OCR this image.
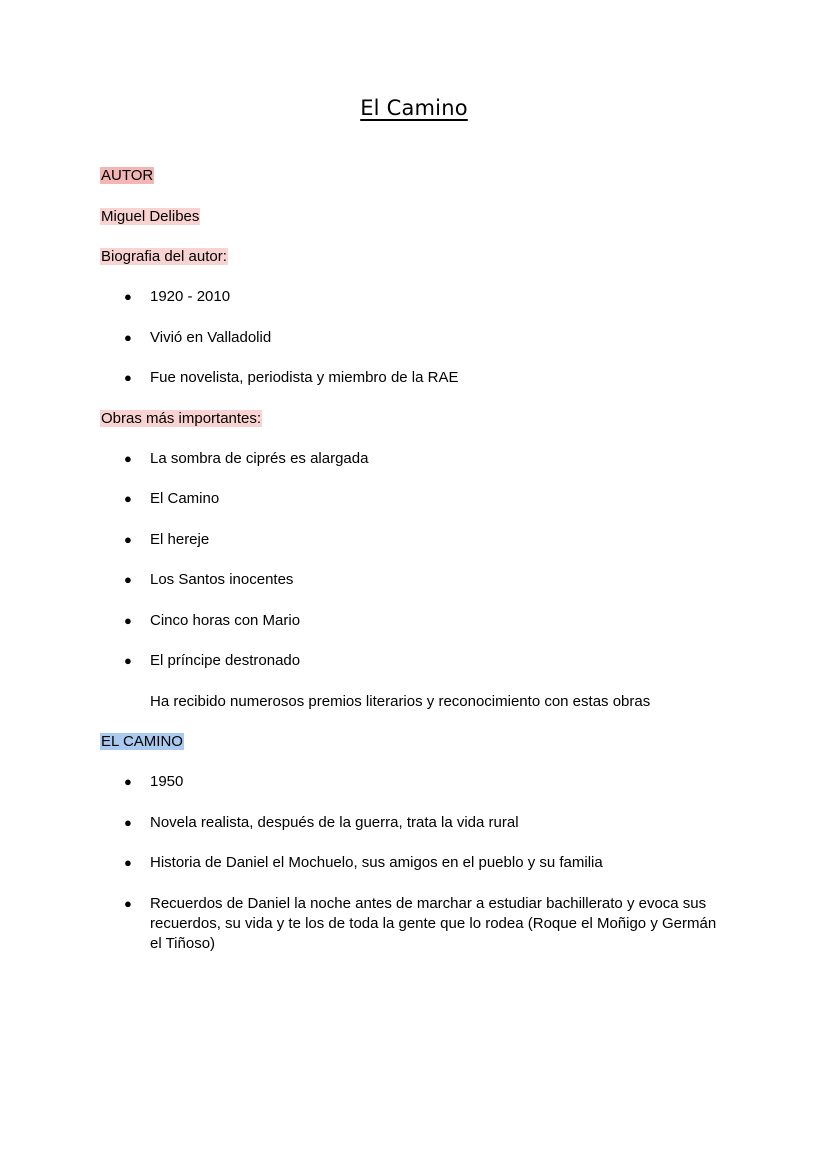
El Camino
AUTOR
Miguel Delibes
Biografia del autor:
● 1920 - 2010
● Vivió en Valladolid
● Fue novelista, periodista y miembro de la RAE
Obras más importantes:
● La sombra de ciprés es alargada
● El Camino
● El hereje
● Los Santos inocentes
● Cinco horas con Mario
● El príncipe destronado
Ha recibido numerosos premios literarios y reconocimiento con estas obras
EL CAMINO
● 1950
● Novela realista, después de la guerra, trata la vida rural
● Historia de Daniel el Mochuelo, sus amigos en el pueblo y su familia
● Recuerdos de Daniel la noche antes de marchar a estudiar bachillerato y evoca sus recuerdos, su vida y te los de toda la gente que lo rodea (Roque el Moñigo y Germán el Tiñoso)
